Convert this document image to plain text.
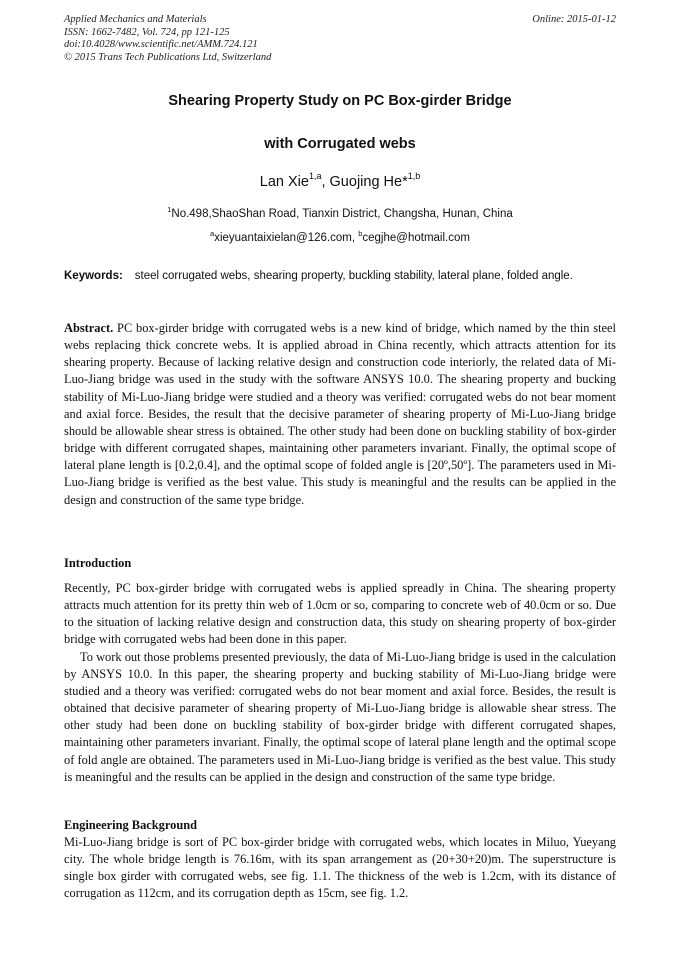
Applied Mechanics and Materials
ISSN: 1662-7482, Vol. 724, pp 121-125
doi:10.4028/www.scientific.net/AMM.724.121
© 2015 Trans Tech Publications Ltd, Switzerland
Online: 2015-01-12
Shearing Property Study on PC Box-girder Bridge
with Corrugated webs
Lan Xie$^{1,a}$, Guojing He*$^{1,b}$
$^1$No.498,ShaoShan Road, Tianxin District, Changsha, Hunan, China
$^a$xieyuantaixielan@126.com, $^b$cegjhe@hotmail.com
Keywords: steel corrugated webs, shearing property, buckling stability, lateral plane, folded angle.
Abstract. PC box-girder bridge with corrugated webs is a new kind of bridge, which named by the thin steel webs replacing thick concrete webs. It is applied abroad in China recently, which attracts attention for its shearing property. Because of lacking relative design and construction code interiorly, the related data of Mi-Luo-Jiang bridge was used in the study with the software ANSYS 10.0. The shearing property and bucking stability of Mi-Luo-Jiang bridge were studied and a theory was verified: corrugated webs do not bear moment and axial force. Besides, the result that the decisive parameter of shearing property of Mi-Luo-Jiang bridge should be allowable shear stress is obtained. The other study had been done on buckling stability of box-girder bridge with different corrugated shapes, maintaining other parameters invariant. Finally, the optimal scope of lateral plane length is [0.2,0.4], and the optimal scope of folded angle is [20º,50º]. The parameters used in Mi-Luo-Jiang bridge is verified as the best value. This study is meaningful and the results can be applied in the design and construction of the same type bridge.
Introduction

Recently, PC box-girder bridge with corrugated webs is applied spreadly in China. The shearing property attracts much attention for its pretty thin web of 1.0cm or so, comparing to concrete web of 40.0cm or so. Due to the situation of lacking relative design and construction data, this study on shearing property of box-girder bridge with corrugated webs had been done in this paper.

To work out those problems presented previously, the data of Mi-Luo-Jiang bridge is used in the calculation by ANSYS 10.0. In this paper, the shearing property and bucking stability of Mi-Luo-Jiang bridge were studied and a theory was verified: corrugated webs do not bear moment and axial force. Besides, the result is obtained that decisive parameter of shearing property of Mi-Luo-Jiang bridge is allowable shear stress. The other study had been done on buckling stability of box-girder bridge with different corrugated shapes, maintaining other parameters invariant. Finally, the optimal scope of lateral plane length and the optimal scope of fold angle are obtained. The parameters used in Mi-Luo-Jiang bridge is verified as the best value. This study is meaningful and the results can be applied in the design and construction of the same type bridge.

Engineering Background

Mi-Luo-Jiang bridge is sort of PC box-girder bridge with corrugated webs, which locates in Miluo, Yueyang city. The whole bridge length is 76.16m, with its span arrangement as (20+30+20)m. The superstructure is single box girder with corrugated webs, see fig. 1.1. The thickness of the web is 1.2cm, with its distance of corrugation as 112cm, and its corrugation depth as 15cm, see fig. 1.2.
